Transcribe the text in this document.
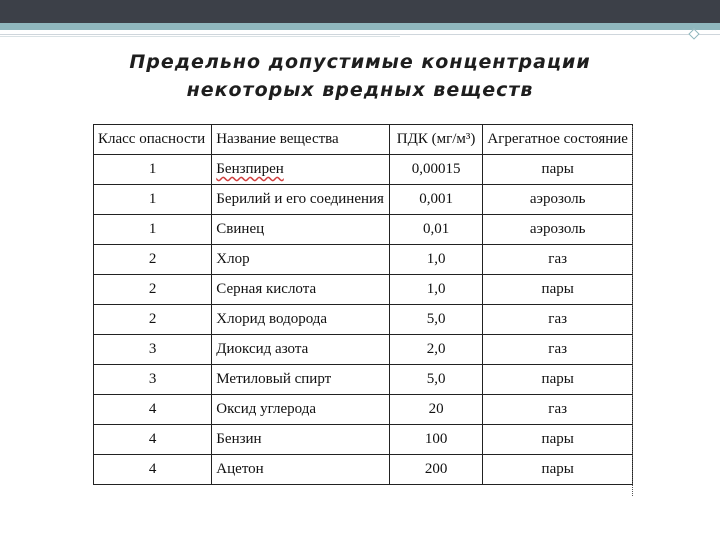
Предельно допустимые концентрации
некоторых вредных веществ
Класс опасности	Название вещества	ПДК (мг/м³)	Агрегатное состояние
1	Бензпирен	0,00015	пары
1	Берилий и его соединения	0,001	аэрозоль
1	Свинец	0,01	аэрозоль
2	Хлор	1,0	газ
2	Серная кислота	1,0	пары
2	Хлорид водорода	5,0	газ
3	Диоксид азота	2,0	газ
3	Метиловый спирт	5,0	пары
4	Оксид углерода	20	газ
4	Бензин	100	пары
4	Ацетон	200	пары
